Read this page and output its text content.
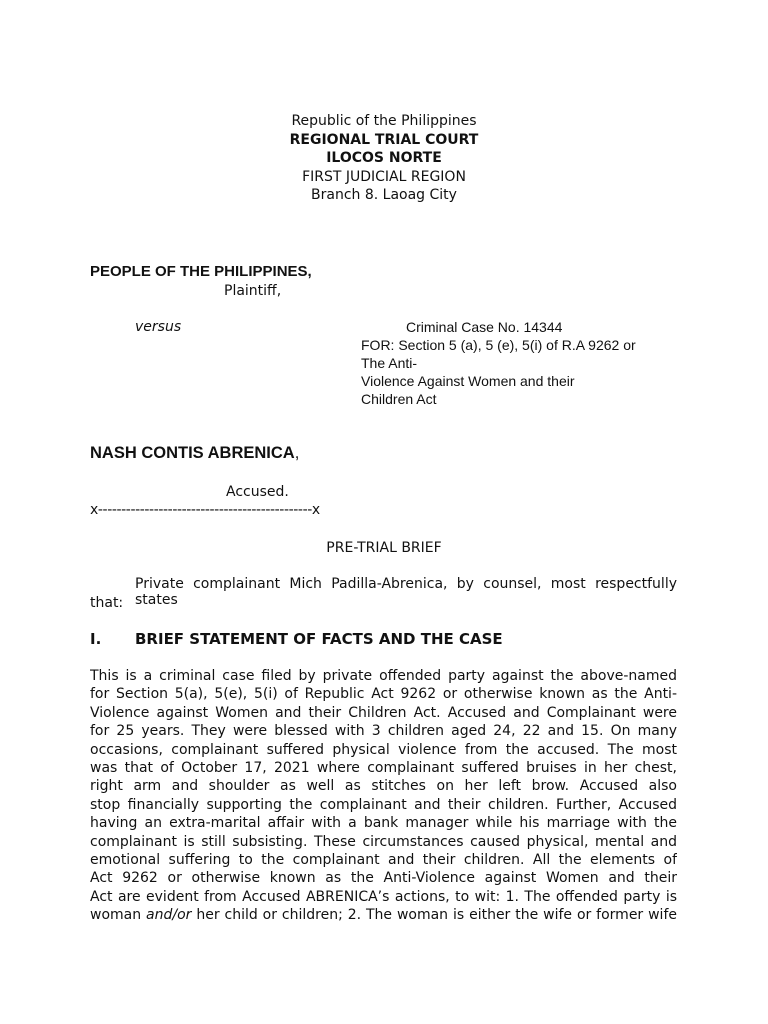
Republic of the Philippines
REGIONAL TRIAL COURT
ILOCOS NORTE
FIRST JUDICIAL REGION
Branch 8. Laoag City
PEOPLE OF THE PHILIPPINES,
Plaintiff,
versus	Criminal Case No. 14344
FOR: Section 5 (a), 5 (e), 5(i) of R.A 9262 or
The Anti-
Violence Against Women and their
Children Act
NASH CONTIS ABRENICA,
Accused.
x----------------------------------------------x
PRE-TRIAL BRIEF
Private complainant Mich Padilla-Abrenica, by counsel, most respectfully states
that:
I. BRIEF STATEMENT OF FACTS AND THE CASE
This is a criminal case filed by private offended party against the above-named
for Section 5(a), 5(e), 5(i) of Republic Act 9262 or otherwise known as the Anti-
Violence against Women and their Children Act. Accused and Complainant were
for 25 years. They were blessed with 3 children aged 24, 22 and 15. On many
occasions, complainant suffered physical violence from the accused. The most
was that of October 17, 2021 where complainant suffered bruises in her chest,
right arm and shoulder as well as stitches on her left brow. Accused also
stop financially supporting the complainant and their children. Further, Accused
having an extra-marital affair with a bank manager while his marriage with the
complainant is still subsisting. These circumstances caused physical, mental and
emotional suffering to the complainant and their children. All the elements of
Act 9262 or otherwise known as the Anti-Violence against Women and their
Act are evident from Accused ABRENICA’s actions, to wit: 1. The offended party is
woman and/or her child or children; 2. The woman is either the wife or former wife
